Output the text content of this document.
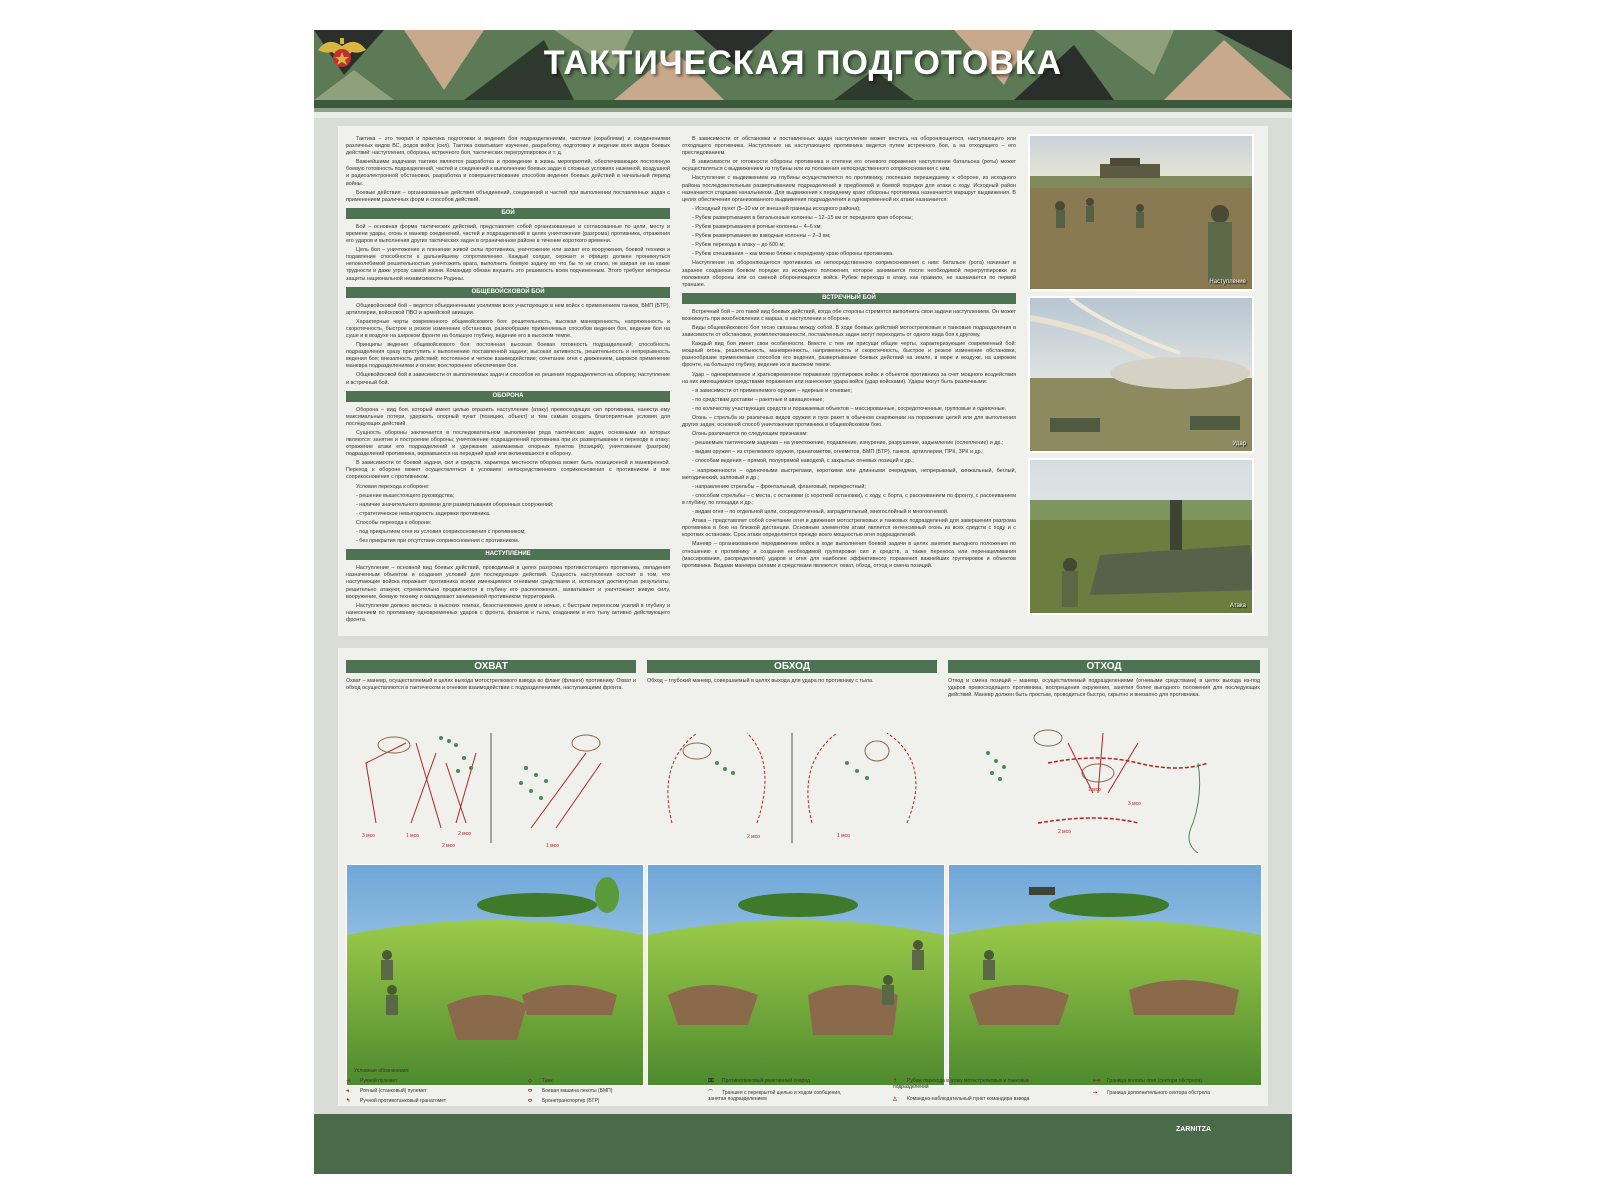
ТАКТИЧЕСКАЯ ПОДГОТОВКА

Тактика – это теория и практика подготовки и ведения боя подразделениями, частями (кораблями) и соединениями различных видов ВС, родов войск (сил). Тактика охватывает изучение, разработку, подготовку и ведение всех видов боевых действий: наступления, обороны, встречного боя, тактических перегруппировок и т. д.

Важнейшими задачами тактики являются разработка и проведение в жизнь мероприятий, обеспечивающих постоянную боевую готовность подразделений, частей и соединений к выполнению боевых задач в сложных условиях наземной, воздушной и радиоэлектронной обстановки, разработка и совершенствование способов ведения боевых действий в начальный период войны.

Боевые действия – организованные действия объединений, соединений и частей при выполнении поставленных задач с применением различных форм и способов действий.

БОЙ

Бой – основная форма тактических действий, представляет собой организованные и согласованные по цели, месту и времени удары, огонь и маневр соединений, частей и подразделений в целях уничтожения (разгрома) противника, отражения его ударов и выполнения других тактических задач в ограниченном районе в течение короткого времени.

Цель боя – уничтожение и пленение живой силы противника, уничтожение или захват его вооружения, боевой техники и подавление способности к дальнейшему сопротивлению. Каждый солдат, сержант и офицер должен проникнуться непоколебимой решительностью уничтожить врага, выполнить боевую задачу во что бы то ни стало, не взирая ни на какие трудности и даже угрозу самой жизни. Командир обязан внушить это решимость всем подчиненным. Этого требуют интересы защиты национальной независимости Родины.

ОБЩЕВОЙСКОВОЙ БОЙ

Общевойсковой бой – ведется объединенными усилиями всех участвующих в нем войск с применением танков, БМП (БТР), артиллерии, войсковой ПВО и армейской авиации.

Характерные черты современного общевойскового боя: решительность, высокая маневренность, напряженность и скоротечность, быстрое и резкое изменение обстановки, разнообразие применяемых способов ведения боя, ведение боя на суше и в воздухе на широком фронте на большую глубину, ведение его в высоком темпе.

Принципы ведения общевойскового боя: постоянная высокая боевая готовность подразделений; способность подразделения сразу приступить к выполнению поставленной задачи; высокая активность, решительность и непрерывность ведения боя; внезапность действий; постоянное и четкое взаимодействие; сочетание огня с движением, широкое применение маневра подразделениями и огнем; всестороннее обеспечение боя.

Общевойсковой бой в зависимости от выполняемых задач и способов их решения подразделяется на оборону, наступление и встречный бой.

ОБОРОНА

Оборона – вид боя, который имеет целью отразить наступление (атаку) превосходящих сил противника, нанести ему максимальные потери, удержать опорный пункт (позицию, объект) и тем самым создать благоприятные условия для последующих действий.

Сущность обороны заключается в последовательном выполнении ряда тактических задач, основными из которых являются: занятие и построение обороны; уничтожение подразделений противника при их развертывании и переходе в атаку; отражение атаки его подразделений и удержание занимаемых опорных пунктов (позиций); уничтожение (разгром) подразделений противника, ворвавшихся на передний край или вклинившихся в оборону.

В зависимости от боевой задачи, сил и средств, характера местности оборона может быть позиционной и маневренной. Переход к обороне может осуществляться в условиях: непосредственного соприкосновения с противником и вне соприкосновения с противником.

Условия перехода к обороне:

- решение вышестоящего руководства;

- наличие значительного времени для развертывания оборонных сооружений;

- стратегическое невыгодность задержки противника.

Способы перехода к обороне:

- под прикрытием огня из условия соприкосновения с противником;

- без прикрытия при отсутствии соприкосновения с противником.

НАСТУПЛЕНИЕ

Наступление – основной вид боевых действий, проводимый в целях разгрома противостоящего противника, овладения назначенным объектом и создания условий для последующих действий. Сущность наступления состоит в том, что наступающие войска поражают противника всеми имеющимися огневыми средствами и, используя достигнутые результаты, решительно атакуют, стремительно продвигаются в глубину его расположения, захватывают и уничтожают живую силу, вооружение, боевую технику и овладевают занимаемой противником территорией.

Наступление должно вестись: в высоких темпах, безостановочно днем и ночью, с быстрым переносом усилий в глубину и нанесением по противнику одновременных ударов с фронта, флангов и тыла, созданием в его тылу активно действующего фронта.

В зависимости от обстановки и поставленных задач наступление может вестись на обороняющегося, наступающего или отходящего противника. Наступление на наступающего противника ведется путем встречного боя, а на отходящего – его преследованием.

В зависимости от готовности обороны противника и степени его огневого поражения наступление батальона (роты) может осуществляться с выдвижением из глубины или из положения непосредственного соприкосновения с ним.

Наступление с выдвижением из глубины осуществляется по противнику, поспешно перешедшему к обороне, из исходного района последовательным развертыванием подразделений в предбоевой и боевой порядки для атаки с ходу. Исходный район назначается старшим начальником. Для выдвижения к переднему краю обороны противника назначается маршрут выдвижения. В целях обеспечения организованного выдвижения подразделения и одновременной их атаки назначается:

- Исходный пункт (5–10 км от внешней границы исходного района);

- Рубеж развертывания в батальонные колонны – 12–15 км от переднего края обороны;

- Рубеж развертывания в ротные колонны – 4–6 км;

- Рубеж развертывания во взводные колонны – 2–3 км;

- Рубеж перехода в атаку – до 600 м;

- Рубеж спешивания – как можно ближе к переднему краю обороны противника.

Наступление на обороняющегося противника из непосредственного соприкосновения с ним: батальон (рота) начинает в заранее созданном боевом порядке из исходного положения, которое занимается после необходимой перегруппировки из положения обороны или со сменой обороняющихся войск. Рубеж перехода в атаку, как правило, не назначается по первой траншее.

ВСТРЕЧНЫЙ БОЙ

Встречный бой – это такой вид боевых действий, когда обе стороны стремятся выполнить свои задачи наступлением. Он может возникнуть при возобновлении с марша, в наступлении и обороне.

Виды общевойскового боя тесно связаны между собой. В ходе боевых действий мотострелковые и танковые подразделения в зависимости от обстановки, укомплектованности, поставленных задач могут переходить от одного вида боя к другому.

Каждый вид боя имеет свои особенности. Вместе с тем им присущи общие черты, характеризующие современный бой: мощный огонь, решительность, маневренность, напряженность и скоротечность, быстрое и резкое изменение обстановки, разнообразие применяемых способов его ведения, развертывание боевых действий на земле, в море и воздухе, на широком фронте, на большую глубину, ведение их в высоком темпе.

Удар – одновременное и кратковременное поражение группировок войск и объектов противника за счет мощного воздействия на них имеющимися средствами поражения или нанесения удара войск (удар войсками). Удары могут быть различными:

- в зависимости от применяемого оружия – ядерные и огневые;

- по средствам доставки – ракетные и авиационные;

- по количеству участвующих средств и поражаемых объектов – массированные, сосредоточенные, групповые и одиночные.

Огонь – стрельба из различных видов оружия и пуск ракет в обычном снаряжении на поражение целей или для выполнения других задач; основной способ уничтожения противника в общевойсковом бою.

Огонь различается по следующим признакам:

- решаемым тактическим задачам – на уничтожение, подавление, изнурение, разрушение, задымление (ослепление) и др.;

- видам оружия – из стрелкового оружия, гранатометов, огнеметов, БМП (БТР), танков, артиллерии, ПРК, ЗРК и др.;

- способам ведения – прямой, полупрямой наводкой, с закрытых огневых позиций и др.;

- напряженности – одиночными выстрелами, короткими или длинными очередями, непрерывный, кинжальный, беглый, методический, залповый и др.;

- направлению стрельбы – фронтальный, фланговый, перекрестный;

- способам стрельбы – с места, с остановки (с короткой остановки), с ходу, с борта, с рассеиванием по фронту, с рассеиванием в глубину, по площади и др.;

- видам огня – по отдельной цели, сосредоточенный, заградительный, многослойный и многоогневой.

Атака – представляет собой сочетание огня и движения мотострелковых и танковых подразделений для завершения разгрома противника в бою на близкой дистанции. Основным элементом атаки является интенсивный огонь из всех средств с ходу и с коротких остановок. Срок атаки определяется прежде всего мощностью огня подразделений.

Маневр – организованное передвижение войск в ходе выполнения боевой задачи в целях занятия выгодного положения по отношению к противнику и создания необходимой группировки сил и средств, а также переноса или перенацеливания (массирования, распределения) ударов и огня для наиболее эффективного поражения важнейших группировок и объектов противника. Видами маневра силами и средствами являются: охват, обход, отход и смена позиций.

Наступление
Удар
Атака
ОХВАТ	ОБХОД	ОТХОД
Охват – маневр, осуществляемый в целях выхода мотострелкового взвода во фланг (фланги) противнику. Охват и обход осуществляются в тактическом и огневом взаимодействии с подразделениями, наступающими фронта.
Обход – глубокий маневр, совершаемый в целях выхода для удара по противнику с тыла.	Отход и смена позиций – маневр, осуществляемый подразделениями (огневыми средствами) в целях выхода из-под ударов превосходящего противника, воспрещения окружения, занятия более выгодного положения для последующих действий. Маневр должен быть простым, проводиться быстро, скрытно и внезапно для противника.
3 мсо	1 мсо	2 мсо
2 мсо	1 мсо
2 мсо	1 мсо
1 мсо
2 мсо
3 мсо
Условные обозначения:
⊣ Ручной пулемет
⫣ Ротный (станковый) пулемет
↰ Ручной противотанковый гранатомет
◇ Танк
⬭ Боевая машина пехоты (БМП)
⬭ Бронетранспортер (БТР)
⌧ Противотанковый реактивный снаряд
⌒ Траншея с перекрытой щелью и ходом сообщения, занятая подразделением
⇡ Рубеж перехода в атаку мотострелковых и танковых подразделений
△ Командно-наблюдательный пункт командира взвода
⟷ Граница полосы огня (сектора обстрела)
⇢ Граница дополнительного сектора обстрела
ZARNITZA
